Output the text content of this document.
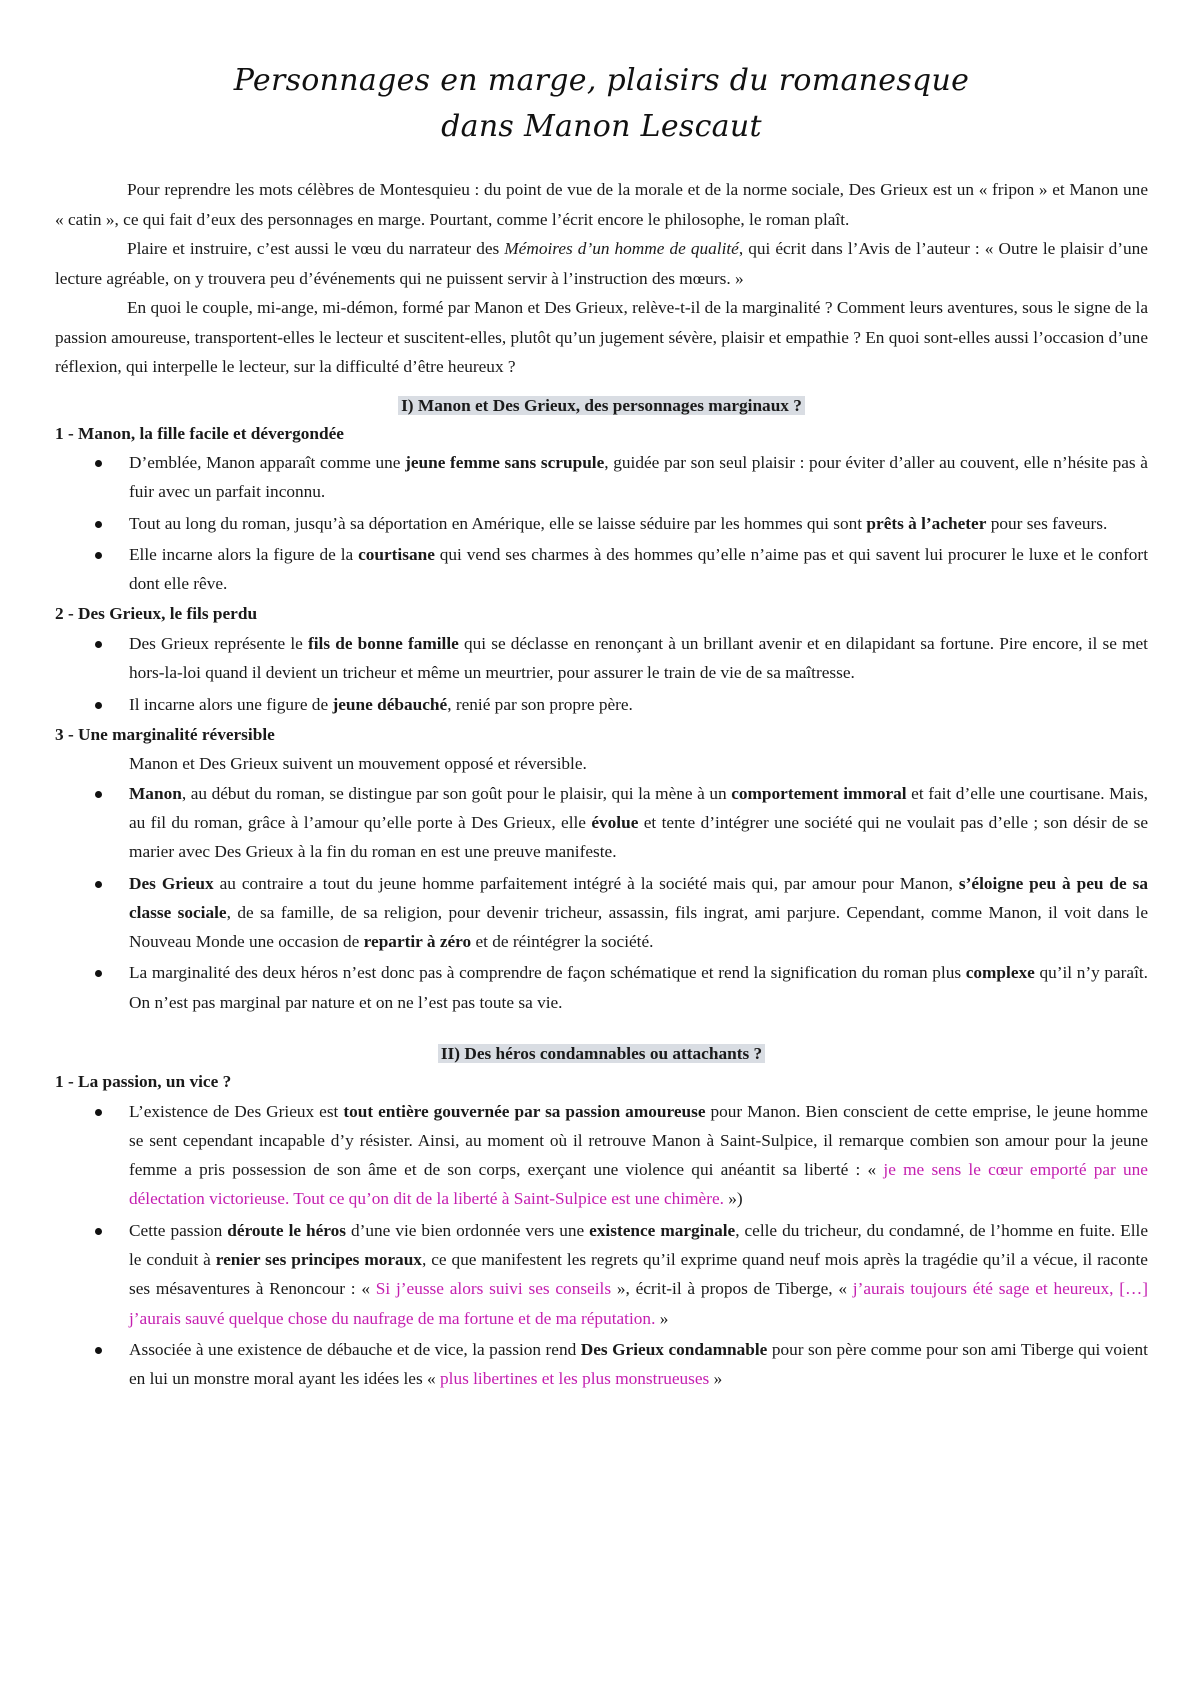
Personnages en marge, plaisirs du romanesque
dans Manon Lescaut

Pour reprendre les mots célèbres de Montesquieu : du point de vue de la morale et de la norme sociale, Des Grieux est un « fripon » et Manon une « catin », ce qui fait d’eux des personnages en marge. Pourtant, comme l’écrit encore le philosophe, le roman plaît.

Plaire et instruire, c’est aussi le vœu du narrateur des Mémoires d’un homme de qualité, qui écrit dans l’Avis de l’auteur : « Outre le plaisir d’une lecture agréable, on y trouvera peu d’événements qui ne puissent servir à l’instruction des mœurs. »

En quoi le couple, mi-ange, mi-démon, formé par Manon et Des Grieux, relève-t-il de la marginalité ? Comment leurs aventures, sous le signe de la passion amoureuse, transportent-elles le lecteur et suscitent-elles, plutôt qu’un jugement sévère, plaisir et empathie ? En quoi sont-elles aussi l’occasion d’une réflexion, qui interpelle le lecteur, sur la difficulté d’être heureux ?

I) Manon et Des Grieux, des personnages marginaux ?
1 - Manon, la fille facile et dévergondée
D’emblée, Manon apparaît comme une jeune femme sans scrupule, guidée par son seul plaisir : pour éviter d’aller au couvent, elle n’hésite pas à fuir avec un parfait inconnu.
Tout au long du roman, jusqu’à sa déportation en Amérique, elle se laisse séduire par les hommes qui sont prêts à l’acheter pour ses faveurs.
Elle incarne alors la figure de la courtisane qui vend ses charmes à des hommes qu’elle n’aime pas et qui savent lui procurer le luxe et le confort dont elle rêve.
2 - Des Grieux, le fils perdu
Des Grieux représente le fils de bonne famille qui se déclasse en renonçant à un brillant avenir et en dilapidant sa fortune. Pire encore, il se met hors-la-loi quand il devient un tricheur et même un meurtrier, pour assurer le train de vie de sa maîtresse.
Il incarne alors une figure de jeune débauché, renié par son propre père.
3 - Une marginalité réversible
Manon et Des Grieux suivent un mouvement opposé et réversible.
Manon, au début du roman, se distingue par son goût pour le plaisir, qui la mène à un comportement immoral et fait d’elle une courtisane. Mais, au fil du roman, grâce à l’amour qu’elle porte à Des Grieux, elle évolue et tente d’intégrer une société qui ne voulait pas d’elle ; son désir de se marier avec Des Grieux à la fin du roman en est une preuve manifeste.
Des Grieux au contraire a tout du jeune homme parfaitement intégré à la société mais qui, par amour pour Manon, s’éloigne peu à peu de sa classe sociale, de sa famille, de sa religion, pour devenir tricheur, assassin, fils ingrat, ami parjure. Cependant, comme Manon, il voit dans le Nouveau Monde une occasion de repartir à zéro et de réintégrer la société.
La marginalité des deux héros n’est donc pas à comprendre de façon schématique et rend la signification du roman plus complexe qu’il n’y paraît. On n’est pas marginal par nature et on ne l’est pas toute sa vie.
II) Des héros condamnables ou attachants ?
1 - La passion, un vice ?
L’existence de Des Grieux est tout entière gouvernée par sa passion amoureuse pour Manon. Bien conscient de cette emprise, le jeune homme se sent cependant incapable d’y résister. Ainsi, au moment où il retrouve Manon à Saint-Sulpice, il remarque combien son amour pour la jeune femme a pris possession de son âme et de son corps, exerçant une violence qui anéantit sa liberté : « je me sens le cœur emporté par une délectation victorieuse. Tout ce qu’on dit de la liberté à Saint-Sulpice est une chimère. »)
Cette passion déroute le héros d’une vie bien ordonnée vers une existence marginale, celle du tricheur, du condamné, de l’homme en fuite. Elle le conduit à renier ses principes moraux, ce que manifestent les regrets qu’il exprime quand neuf mois après la tragédie qu’il a vécue, il raconte ses mésaventures à Renoncour : « Si j’eusse alors suivi ses conseils », écrit-il à propos de Tiberge, « j’aurais toujours été sage et heureux, […] j’aurais sauvé quelque chose du naufrage de ma fortune et de ma réputation. »
Associée à une existence de débauche et de vice, la passion rend Des Grieux condamnable pour son père comme pour son ami Tiberge qui voient en lui un monstre moral ayant les idées les « plus libertines et les plus monstrueuses »
